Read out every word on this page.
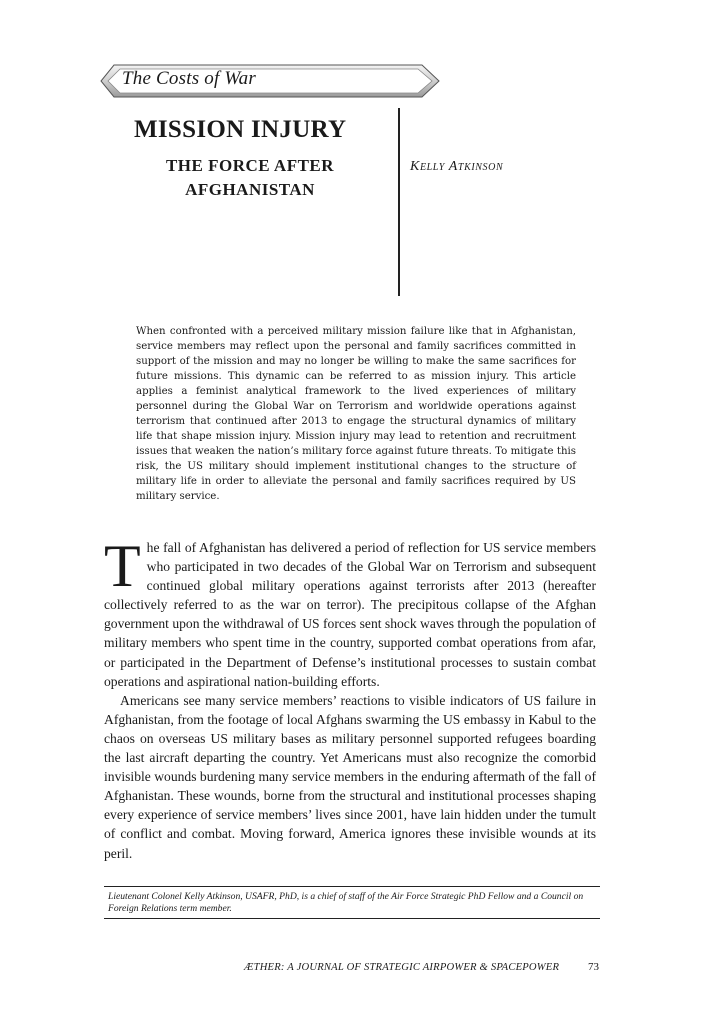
The Costs of War
MISSION INJURY
THE FORCE AFTER AFGHANISTAN
Kelly Atkinson
When confronted with a perceived military mission failure like that in Afghanistan, service members may reflect upon the personal and family sacrifices committed in support of the mission and may no longer be willing to make the same sacrifices for future missions. This dynamic can be referred to as mission injury. This article applies a feminist analytical framework to the lived experiences of military personnel during the Global War on Terrorism and worldwide operations against terrorism that continued after 2013 to engage the structural dynamics of military life that shape mission injury. Mission injury may lead to retention and recruitment issues that weaken the nation’s military force against future threats. To mitigate this risk, the US military should implement institutional changes to the structure of military life in order to alleviate the personal and family sacrifices required by US military service.

The fall of Afghanistan has delivered a period of reflection for US service members who participated in two decades of the Global War on Terrorism and subsequent continued global military operations against terrorists after 2013 (hereafter collectively referred to as the war on terror). The precipitous collapse of the Afghan government upon the withdrawal of US forces sent shock waves through the population of military members who spent time in the country, supported combat operations from afar, or participated in the Department of Defense’s institutional processes to sustain combat operations and aspirational nation-building efforts.

Americans see many service members’ reactions to visible indicators of US failure in Afghanistan, from the footage of local Afghans swarming the US embassy in Kabul to the chaos on overseas US military bases as military personnel supported refugees boarding the last aircraft departing the country. Yet Americans must also recognize the comorbid invisible wounds burdening many service members in the enduring aftermath of the fall of Afghanistan. These wounds, borne from the structural and institutional processes shaping every experience of service members’ lives since 2001, have lain hidden under the tumult of conflict and combat. Moving forward, America ignores these invisible wounds at its peril.

Lieutenant Colonel Kelly Atkinson, USAFR, PhD, is a chief of staff of the Air Force Strategic PhD Fellow and a Council on Foreign Relations term member.
ÆTHER: A JOURNAL OF STRATEGIC AIRPOWER & SPACEPOWER	73
